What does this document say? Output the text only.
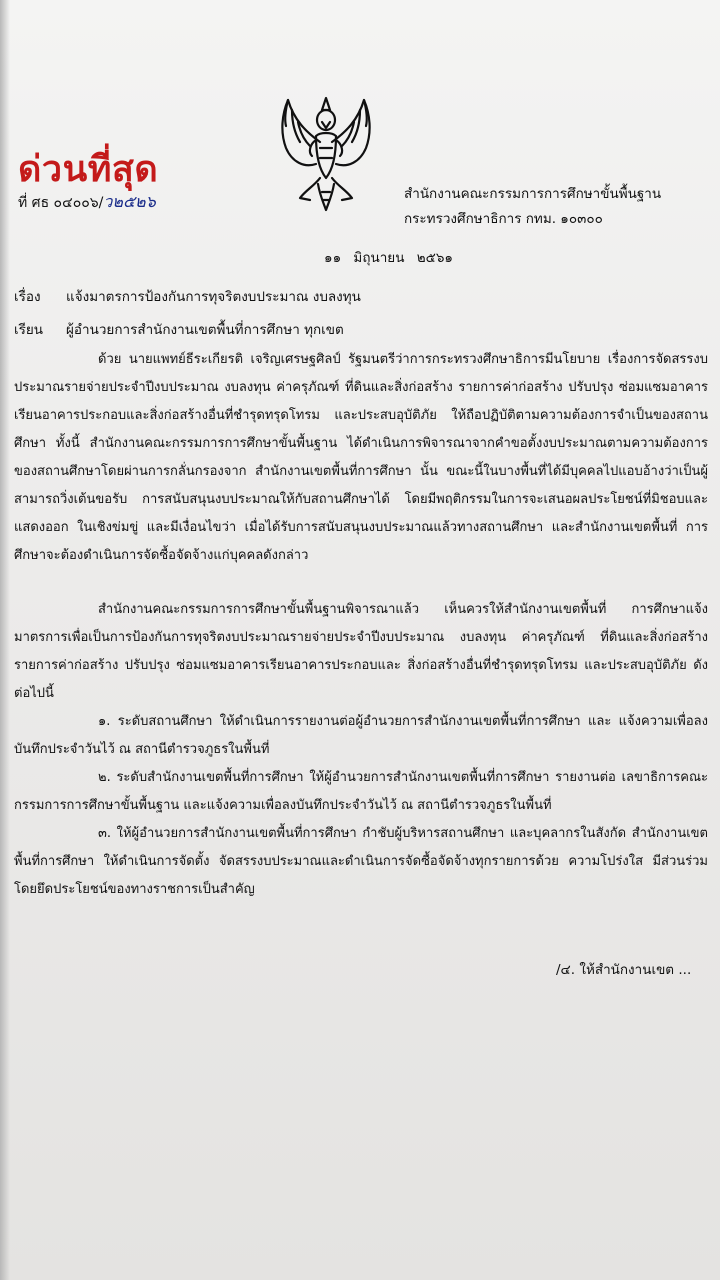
ด่วนที่สุด
ที่ ศธ ๐๔๐๐๖/ว๒๕๒๖	สำนักงานคณะกรรมการการศึกษาขั้นพื้นฐาน
กระทรวงศึกษาธิการ กทม. ๑๐๓๐๐
๑๑ มิถุนายน ๒๕๖๑
เรื่อง แจ้งมาตรการป้องกันการทุจริตงบประมาณ งบลงทุน
เรียน ผู้อำนวยการสำนักงานเขตพื้นที่การศึกษา ทุกเขต

ด้วย นายแพทย์ธีระเกียรติ เจริญเศรษฐศิลป์ รัฐมนตรีว่าการกระทรวงศึกษาธิการมีนโยบาย เรื่องการจัดสรรงบประมาณรายจ่ายประจำปีงบประมาณ งบลงทุน ค่าครุภัณฑ์ ที่ดินและสิ่งก่อสร้าง รายการค่าก่อสร้าง ปรับปรุง ซ่อมแซมอาคารเรียนอาคารประกอบและสิ่งก่อสร้างอื่นที่ชำรุดทรุดโทรม และประสบอุบัติภัย ให้ถือปฏิบัติตามความต้องการจำเป็นของสถานศึกษา ทั้งนี้ สำนักงานคณะกรรมการการศึกษาขั้นพื้นฐาน ได้ดำเนินการพิจารณาจากคำขอตั้งงบประมาณตามความต้องการของสถานศึกษาโดยผ่านการกลั่นกรองจาก สำนักงานเขตพื้นที่การศึกษา นั้น ขณะนี้ในบางพื้นที่ได้มีบุคคลไปแอบอ้างว่าเป็นผู้สามารถวิ่งเต้นขอรับ การสนับสนุนงบประมาณให้กับสถานศึกษาได้ โดยมีพฤติกรรมในการจะเสนอผลประโยชน์ที่มิชอบและแสดงออก ในเชิงข่มขู่ และมีเงื่อนไขว่า เมื่อได้รับการสนับสนุนงบประมาณแล้วทางสถานศึกษา และสำนักงานเขตพื้นที่ การศึกษาจะต้องดำเนินการจัดซื้อจัดจ้างแก่บุคคลดังกล่าว

สำนักงานคณะกรรมการการศึกษาขั้นพื้นฐานพิจารณาแล้ว เห็นควรให้สำนักงานเขตพื้นที่ การศึกษาแจ้งมาตรการเพื่อเป็นการป้องกันการทุจริตงบประมาณรายจ่ายประจำปีงบประมาณ งบลงทุน ค่าครุภัณฑ์ ที่ดินและสิ่งก่อสร้าง รายการค่าก่อสร้าง ปรับปรุง ซ่อมแซมอาคารเรียนอาคารประกอบและ สิ่งก่อสร้างอื่นที่ชำรุดทรุดโทรม และประสบอุบัติภัย ดังต่อไปนี้

๑. ระดับสถานศึกษา ให้ดำเนินการรายงานต่อผู้อำนวยการสำนักงานเขตพื้นที่การศึกษา และ แจ้งความเพื่อลงบันทึกประจำวันไว้ ณ สถานีตำรวจภูธรในพื้นที่

๒. ระดับสำนักงานเขตพื้นที่การศึกษา ให้ผู้อำนวยการสำนักงานเขตพื้นที่การศึกษา รายงานต่อ เลขาธิการคณะกรรมการการศึกษาขั้นพื้นฐาน และแจ้งความเพื่อลงบันทึกประจำวันไว้ ณ สถานีตำรวจภูธรในพื้นที่

๓. ให้ผู้อำนวยการสำนักงานเขตพื้นที่การศึกษา กำชับผู้บริหารสถานศึกษา และบุคลากรในสังกัด สำนักงานเขตพื้นที่การศึกษา ให้ดำเนินการจัดตั้ง จัดสรรงบประมาณและดำเนินการจัดซื้อจัดจ้างทุกรายการด้วย ความโปร่งใส มีส่วนร่วมโดยยึดประโยชน์ของทางราชการเป็นสำคัญ

/๔. ให้สำนักงานเขต ...
